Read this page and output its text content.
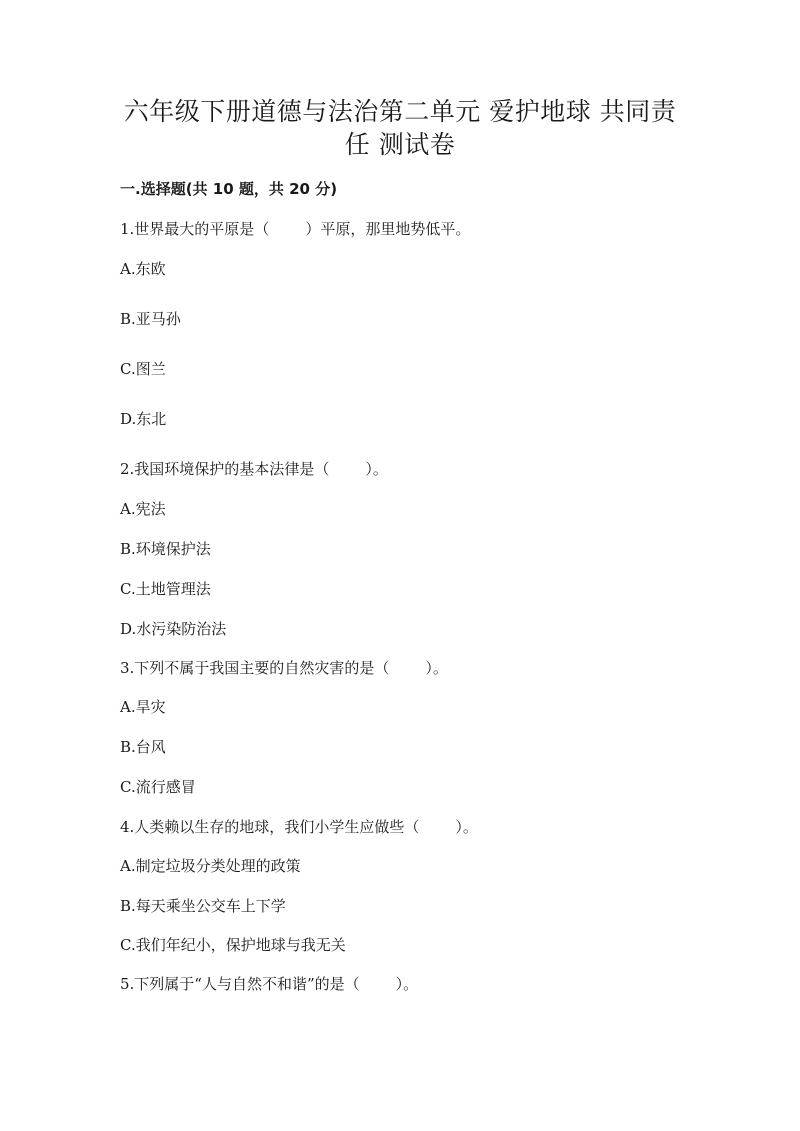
六年级下册道德与法治第二单元 爱护地球 共同责
任 测试卷
一.选择题(共 10 题，共 20 分)
1.世界最大的平原是（ ）平原，那里地势低平。
A.东欧
B.亚马孙
C.图兰
D.东北
2.我国环境保护的基本法律是（ ）。
A.宪法
B.环境保护法
C.土地管理法
D.水污染防治法
3.下列不属于我国主要的自然灾害的是（ ）。
A.旱灾
B.台风
C.流行感冒
4.人类赖以生存的地球，我们小学生应做些（ ）。
A.制定垃圾分类处理的政策
B.每天乘坐公交车上下学
C.我们年纪小，保护地球与我无关
5.下列属于“人与自然不和谐”的是（ ）。
